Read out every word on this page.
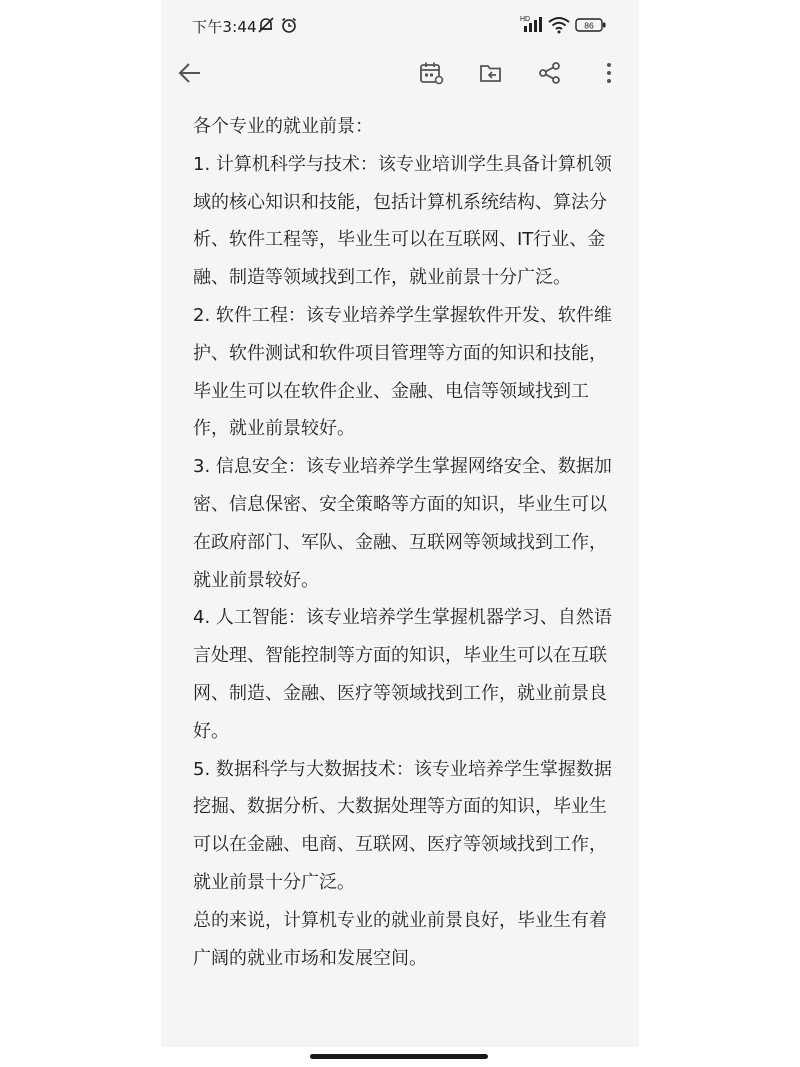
下午3:44	HD
86

各个专业的就业前景：

1. 计算机科学与技术：该专业培训学生具备计算机领域的核心知识和技能，包括计算机系统结构、算法分析、软件工程等，毕业生可以在互联网、IT行业、金融、制造等领域找到工作，就业前景十分广泛。

2. 软件工程：该专业培养学生掌握软件开发、软件维护、软件测试和软件项目管理等方面的知识和技能，毕业生可以在软件企业、金融、电信等领域找到工作，就业前景较好。

3. 信息安全：该专业培养学生掌握网络安全、数据加密、信息保密、安全策略等方面的知识，毕业生可以在政府部门、军队、金融、互联网等领域找到工作，就业前景较好。

4. 人工智能：该专业培养学生掌握机器学习、自然语言处理、智能控制等方面的知识，毕业生可以在互联网、制造、金融、医疗等领域找到工作，就业前景良好。

5. 数据科学与大数据技术：该专业培养学生掌握数据挖掘、数据分析、大数据处理等方面的知识，毕业生可以在金融、电商、互联网、医疗等领域找到工作，就业前景十分广泛。

总的来说，计算机专业的就业前景良好，毕业生有着广阔的就业市场和发展空间。
